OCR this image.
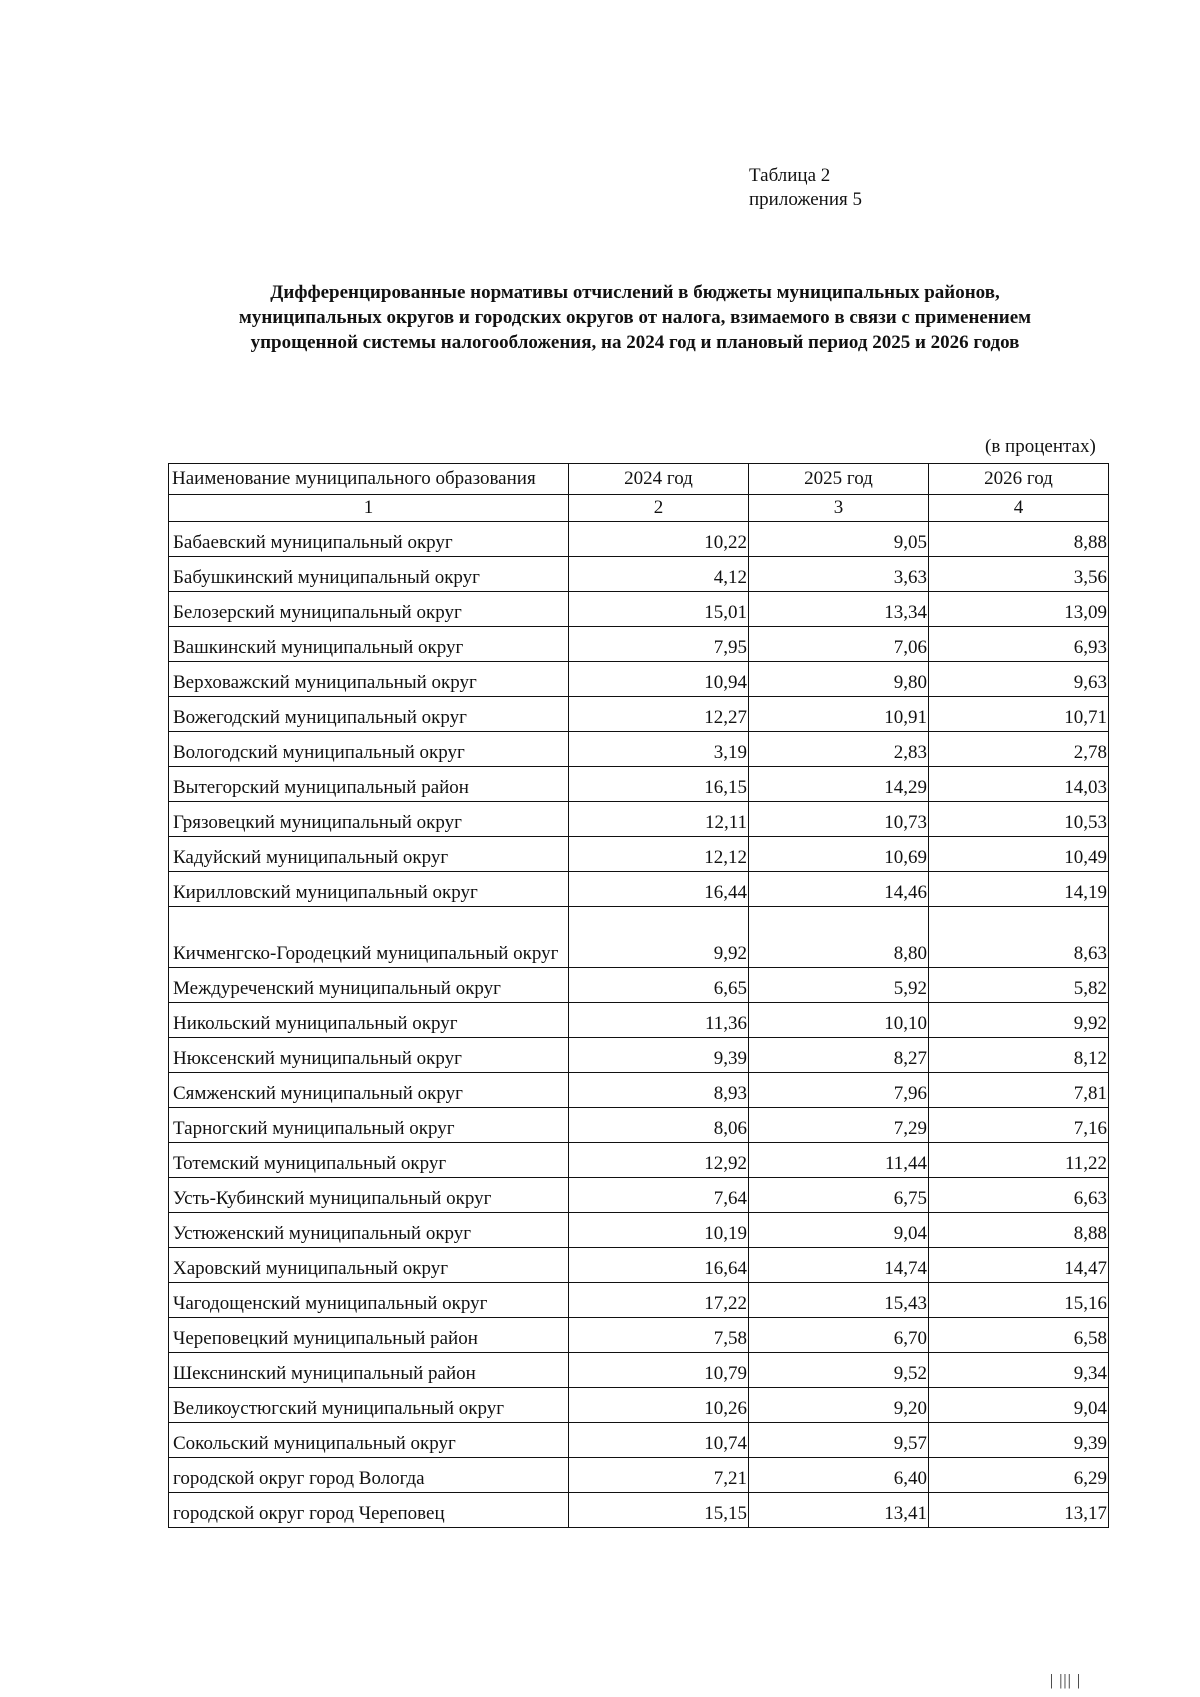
Таблица 2
приложения 5
Дифференцированные нормативы отчислений в бюджеты муниципальных районов,
муниципальных округов и городских округов от налога, взимаемого в связи с применением
упрощенной системы налогообложения, на 2024 год и плановый период 2025 и 2026 годов
(в процентах)
Наименование муниципального образования	2024 год	2025 год	2026 год
1	2	3	4
Бабаевский муниципальный округ	10,22	9,05	8,88
Бабушкинский муниципальный округ	4,12	3,63	3,56
Белозерский муниципальный округ	15,01	13,34	13,09
Вашкинский муниципальный округ	7,95	7,06	6,93
Верховажский муниципальный округ	10,94	9,80	9,63
Вожегодский муниципальный округ	12,27	10,91	10,71
Вологодский муниципальный округ	3,19	2,83	2,78
Вытегорский муниципальный район	16,15	14,29	14,03
Грязовецкий муниципальный округ	12,11	10,73	10,53
Кадуйский муниципальный округ	12,12	10,69	10,49
Кирилловский муниципальный округ	16,44	14,46	14,19
Кичменгско-Городецкий муниципальный округ	9,92	8,80	8,63
Междуреченский муниципальный округ	6,65	5,92	5,82
Никольский муниципальный округ	11,36	10,10	9,92
Нюксенский муниципальный округ	9,39	8,27	8,12
Сямженский муниципальный округ	8,93	7,96	7,81
Тарногский муниципальный округ	8,06	7,29	7,16
Тотемский муниципальный округ	12,92	11,44	11,22
Усть-Кубинский муниципальный округ	7,64	6,75	6,63
Устюженский муниципальный округ	10,19	9,04	8,88
Харовский муниципальный округ	16,64	14,74	14,47
Чагодощенский муниципальный округ	17,22	15,43	15,16
Череповецкий муниципальный район	7,58	6,70	6,58
Шекснинский муниципальный район	10,79	9,52	9,34
Великоустюгский муниципальный округ	10,26	9,20	9,04
Сокольский муниципальный округ	10,74	9,57	9,39
городской округ город Вологда	7,21	6,40	6,29
городской округ город Череповец	15,15	13,41	13,17
| ||| |
